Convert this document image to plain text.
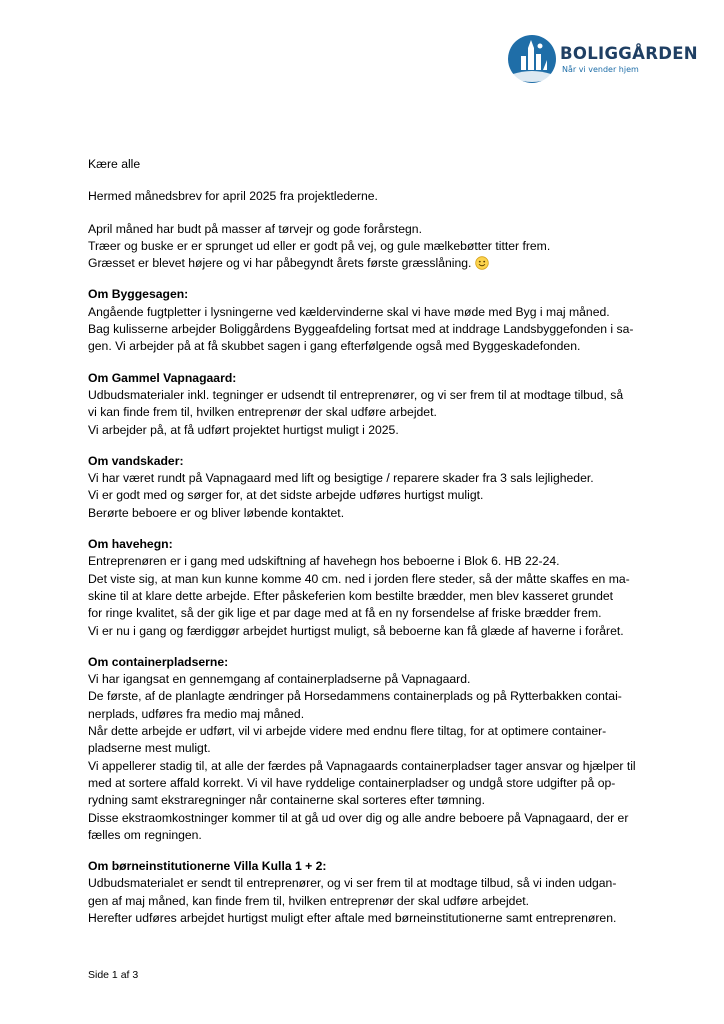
BOLIGGÅRDEN
Når vi vender hjem

Kære alle

Hermed månedsbrev for april 2025 fra projektlederne.

April måned har budt på masser af tørvejr og gode forårstegn.
Træer og buske er er sprunget ud eller er godt på vej, og gule mælkebøtter titter frem.
Græsset er blevet højere og vi har påbegyndt årets første græsslåning.
Om Byggesagen:
Angående fugtpletter i lysningerne ved kældervinderne skal vi have møde med Byg i maj måned.
Bag kulisserne arbejder Boliggårdens Byggeafdeling fortsat med at inddrage Landsbyggefonden i sa-
gen. Vi arbejder på at få skubbet sagen i gang efterfølgende også med Byggeskadefonden.
Om Gammel Vapnagaard:
Udbudsmaterialer inkl. tegninger er udsendt til entreprenører, og vi ser frem til at modtage tilbud, så
vi kan finde frem til, hvilken entreprenør der skal udføre arbejdet.
Vi arbejder på, at få udført projektet hurtigst muligt i 2025.
Om vandskader:
Vi har været rundt på Vapnagaard med lift og besigtige / reparere skader fra 3 sals lejligheder.
Vi er godt med og sørger for, at det sidste arbejde udføres hurtigst muligt.
Berørte beboere er og bliver løbende kontaktet.
Om havehegn:
Entreprenøren er i gang med udskiftning af havehegn hos beboerne i Blok 6. HB 22-24.
Det viste sig, at man kun kunne komme 40 cm. ned i jorden flere steder, så der måtte skaffes en ma-
skine til at klare dette arbejde. Efter påskeferien kom bestilte brædder, men blev kasseret grundet
for ringe kvalitet, så der gik lige et par dage med at få en ny forsendelse af friske brædder frem.
Vi er nu i gang og færdiggør arbejdet hurtigst muligt, så beboerne kan få glæde af haverne i foråret.
Om containerpladserne:
Vi har igangsat en gennemgang af containerpladserne på Vapnagaard.
De første, af de planlagte ændringer på Horsedammens containerplads og på Rytterbakken contai-
nerplads, udføres fra medio maj måned.
Når dette arbejde er udført, vil vi arbejde videre med endnu flere tiltag, for at optimere container-
pladserne mest muligt.
Vi appellerer stadig til, at alle der færdes på Vapnagaards containerpladser tager ansvar og hjælper til
med at sortere affald korrekt. Vi vil have ryddelige containerpladser og undgå store udgifter på op-
rydning samt ekstraregninger når containerne skal sorteres efter tømning.
Disse ekstraomkostninger kommer til at gå ud over dig og alle andre beboere på Vapnagaard, der er
fælles om regningen.
Om børneinstitutionerne Villa Kulla 1 + 2:
Udbudsmaterialet er sendt til entreprenører, og vi ser frem til at modtage tilbud, så vi inden udgan-
gen af maj måned, kan finde frem til, hvilken entreprenør der skal udføre arbejdet.
Herefter udføres arbejdet hurtigst muligt efter aftale med børneinstitutionerne samt entreprenøren.
Side 1 af 3
